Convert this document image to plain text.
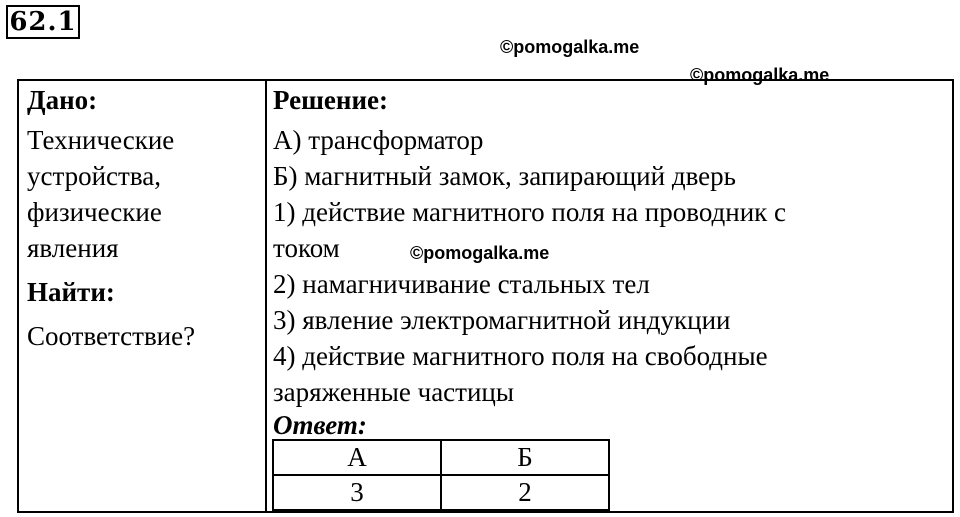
62.1
©pomogalka.me
©pomogalka.me
Дано:
Технические
устройства,
физические
явления
Найти:
Соответствие?
Решение:
А) трансформатор
Б) магнитный замок, запирающий дверь
1) действие магнитного поля на проводник с
током
2) намагничивание стальных тел
3) явление электромагнитной индукции
4) действие магнитного поля на свободные
заряженные частицы
Ответ:
©pomogalka.me
А	Б
3	2
